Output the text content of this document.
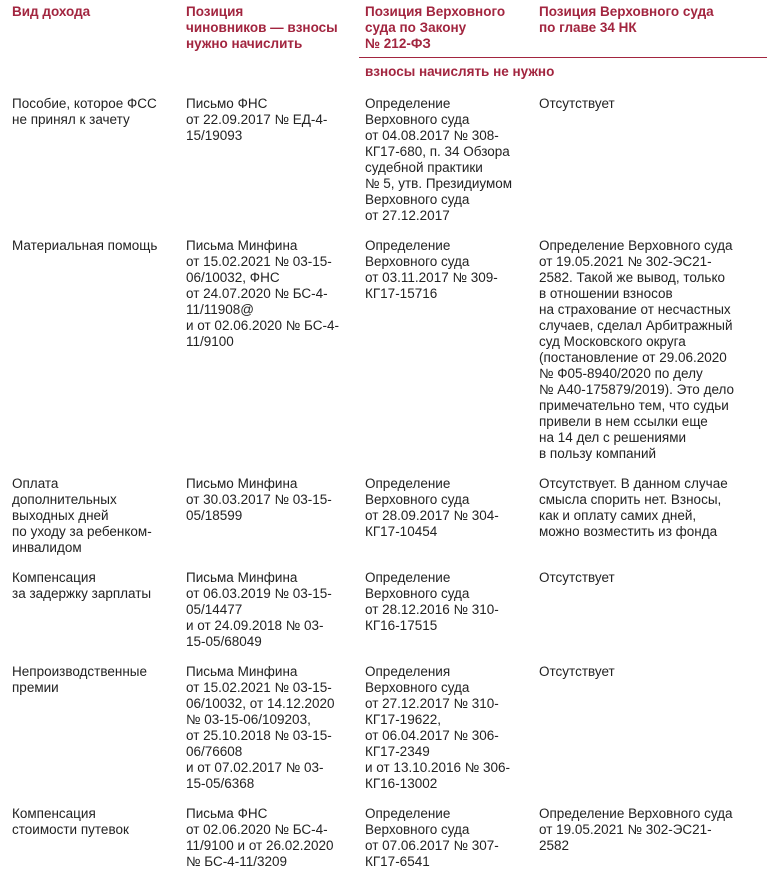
Вид дохода	Позиция
чиновников — взносы
нужно начислить
Позиция Верховного
суда по Закону
№ 212-ФЗ
Позиция Верховного суда
по главе 34 НК
взносы начислять не нужно
Пособие, которое ФСС
не принял к зачету
Письмо ФНС
от 22.09.2017 № ЕД-4-
15/19093
Определение
Верховного суда
от 04.08.2017 № 308-
КГ17-680, п. 34 Обзора
судебной практики
№ 5, утв. Президиумом
Верховного суда
от 27.12.2017
Отсутствует
Материальная помощь	Письма Минфина
от 15.02.2021 № 03-15-
06/10032, ФНС
от 24.07.2020 № БС-4-
11/11908@
и от 02.06.2020 № БС-4-
11/9100
Определение
Верховного суда
от 03.11.2017 № 309-
КГ17-15716
Определение Верховного суда
от 19.05.2021 № 302-ЭС21-
2582. Такой же вывод, только
в отношении взносов
на страхование от несчастных
случаев, сделал Арбитражный
суд Московского округа
(постановление от 29.06.2020
№ Ф05-8940/2020 по делу
№ А40-175879/2019). Это дело
примечательно тем, что судьи
привели в нем ссылки еще
на 14 дел с решениями
в пользу компаний
Оплата
дополнительных
выходных дней
по уходу за ребенком-
инвалидом
Письмо Минфина
от 30.03.2017 № 03-15-
05/18599
Определение
Верховного суда
от 28.09.2017 № 304-
КГ17-10454
Отсутствует. В данном случае
смысла спорить нет. Взносы,
как и оплату самих дней,
можно возместить из фонда
Компенсация
за задержку зарплаты
Письма Минфина
от 06.03.2019 № 03-15-
05/14477
и от 24.09.2018 № 03-
15-05/68049
Определение
Верховного суда
от 28.12.2016 № 310-
КГ16-17515
Отсутствует
Непроизводственные
премии
Письма Минфина
от 15.02.2021 № 03-15-
06/10032, от 14.12.2020
№ 03-15-06/109203,
от 25.10.2018 № 03-15-
06/76608
и от 07.02.2017 № 03-
15-05/6368
Определения
Верховного суда
от 27.12.2017 № 310-
КГ17-19622,
от 06.04.2017 № 306-
КГ17-2349
и от 13.10.2016 № 306-
КГ16-13002
Отсутствует
Компенсация
стоимости путевок
Письма ФНС
от 02.06.2020 № БС-4-
11/9100 и от 26.02.2020
№ БС-4-11/3209
Определение
Верховного суда
от 07.06.2017 № 307-
КГ17-6541
Определение Верховного суда
от 19.05.2021 № 302-ЭС21-
2582
